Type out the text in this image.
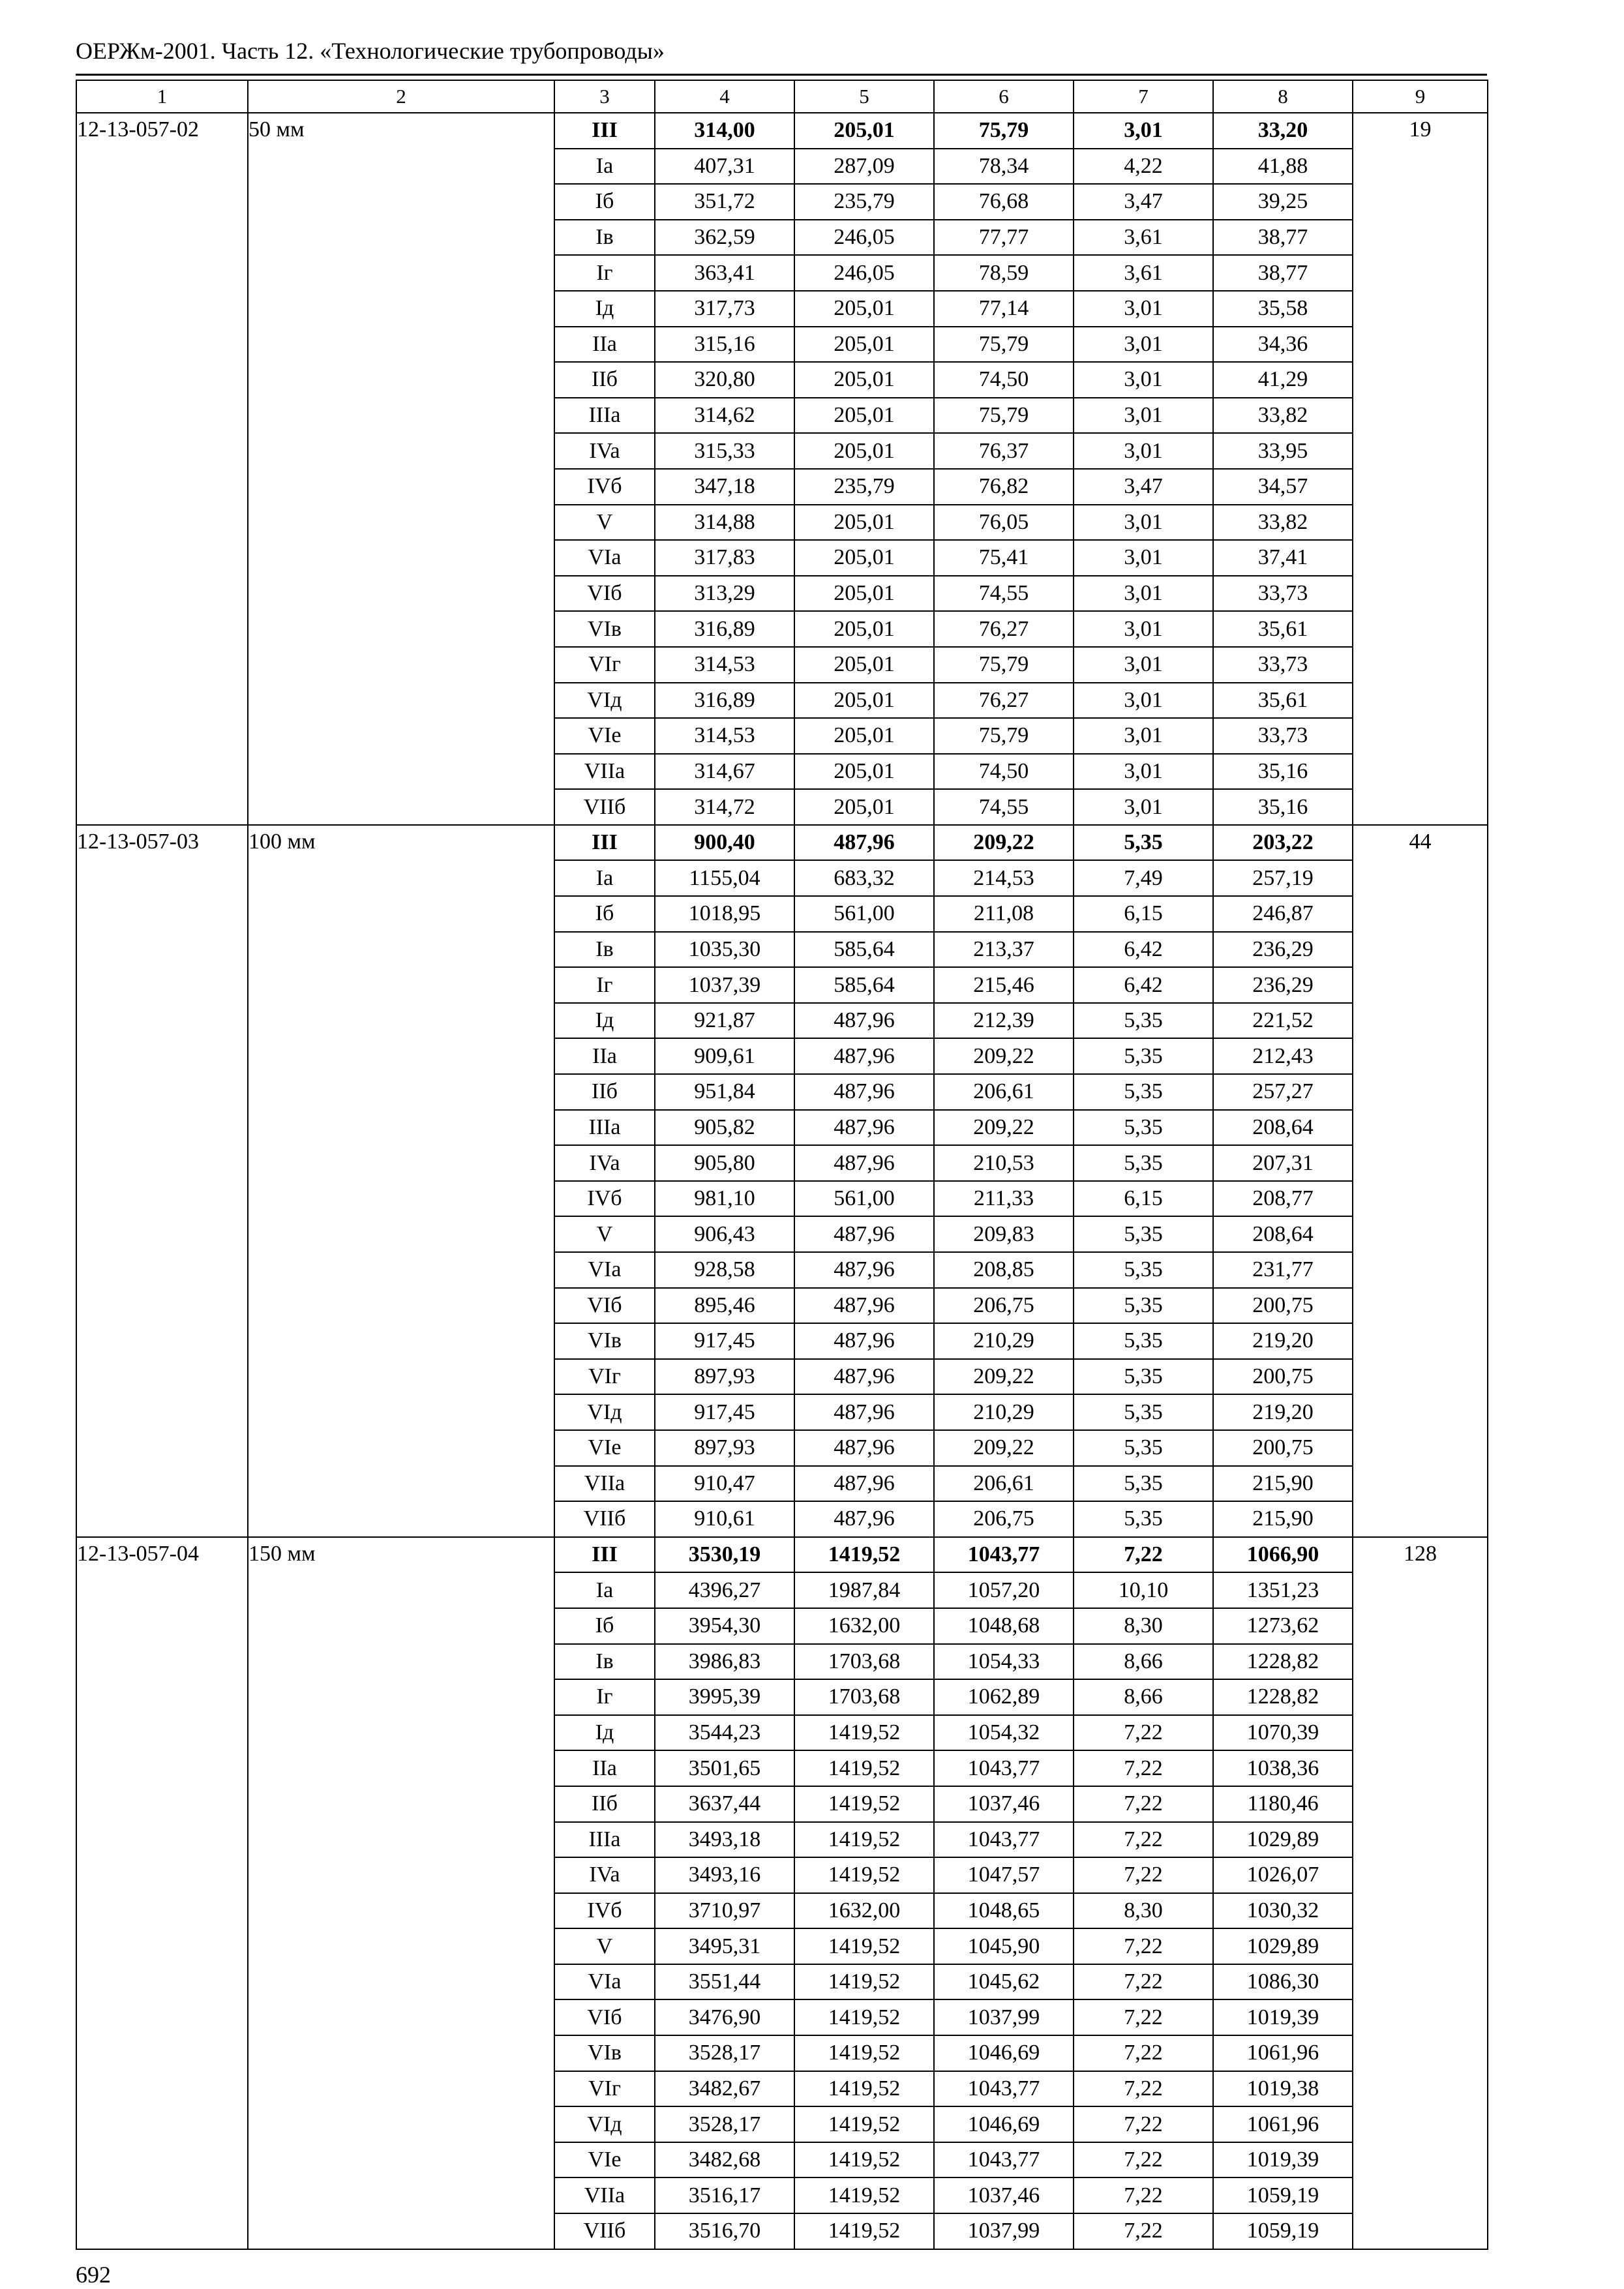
ОЕРЖм-2001. Часть 12. «Технологические трубопроводы»
1	2	3	4	5	6	7	8	9
12-13-057-02	50 мм	III	314,00	205,01	75,79	3,01	33,20	19
		Ia	407,31	287,09	78,34	4,22	41,88	
		Iб	351,72	235,79	76,68	3,47	39,25	
		Iв	362,59	246,05	77,77	3,61	38,77	
		Iг	363,41	246,05	78,59	3,61	38,77	
		Iд	317,73	205,01	77,14	3,01	35,58	
		IIa	315,16	205,01	75,79	3,01	34,36	
		IIб	320,80	205,01	74,50	3,01	41,29	
		IIIa	314,62	205,01	75,79	3,01	33,82	
		IVa	315,33	205,01	76,37	3,01	33,95	
		IVб	347,18	235,79	76,82	3,47	34,57	
		V	314,88	205,01	76,05	3,01	33,82	
		VIa	317,83	205,01	75,41	3,01	37,41	
		VIб	313,29	205,01	74,55	3,01	33,73	
		VIв	316,89	205,01	76,27	3,01	35,61	
		VIг	314,53	205,01	75,79	3,01	33,73	
		VIд	316,89	205,01	76,27	3,01	35,61	
		VIe	314,53	205,01	75,79	3,01	33,73	
		VIIa	314,67	205,01	74,50	3,01	35,16	
		VIIб	314,72	205,01	74,55	3,01	35,16	
12-13-057-03	100 мм	III	900,40	487,96	209,22	5,35	203,22	44
		Ia	1155,04	683,32	214,53	7,49	257,19	
		Iб	1018,95	561,00	211,08	6,15	246,87	
		Iв	1035,30	585,64	213,37	6,42	236,29	
		Iг	1037,39	585,64	215,46	6,42	236,29	
		Iд	921,87	487,96	212,39	5,35	221,52	
		IIa	909,61	487,96	209,22	5,35	212,43	
		IIб	951,84	487,96	206,61	5,35	257,27	
		IIIa	905,82	487,96	209,22	5,35	208,64	
		IVa	905,80	487,96	210,53	5,35	207,31	
		IVб	981,10	561,00	211,33	6,15	208,77	
		V	906,43	487,96	209,83	5,35	208,64	
		VIa	928,58	487,96	208,85	5,35	231,77	
		VIб	895,46	487,96	206,75	5,35	200,75	
		VIв	917,45	487,96	210,29	5,35	219,20	
		VIг	897,93	487,96	209,22	5,35	200,75	
		VIд	917,45	487,96	210,29	5,35	219,20	
		VIe	897,93	487,96	209,22	5,35	200,75	
		VIIa	910,47	487,96	206,61	5,35	215,90	
		VIIб	910,61	487,96	206,75	5,35	215,90	
12-13-057-04	150 мм	III	3530,19	1419,52	1043,77	7,22	1066,90	128
		Ia	4396,27	1987,84	1057,20	10,10	1351,23	
		Iб	3954,30	1632,00	1048,68	8,30	1273,62	
		Iв	3986,83	1703,68	1054,33	8,66	1228,82	
		Iг	3995,39	1703,68	1062,89	8,66	1228,82	
		Iд	3544,23	1419,52	1054,32	7,22	1070,39	
		IIa	3501,65	1419,52	1043,77	7,22	1038,36	
		IIб	3637,44	1419,52	1037,46	7,22	1180,46	
		IIIa	3493,18	1419,52	1043,77	7,22	1029,89	
		IVa	3493,16	1419,52	1047,57	7,22	1026,07	
		IVб	3710,97	1632,00	1048,65	8,30	1030,32	
		V	3495,31	1419,52	1045,90	7,22	1029,89	
		VIa	3551,44	1419,52	1045,62	7,22	1086,30	
		VIб	3476,90	1419,52	1037,99	7,22	1019,39	
		VIв	3528,17	1419,52	1046,69	7,22	1061,96	
		VIг	3482,67	1419,52	1043,77	7,22	1019,38	
		VIд	3528,17	1419,52	1046,69	7,22	1061,96	
		VIe	3482,68	1419,52	1043,77	7,22	1019,39	
		VIIa	3516,17	1419,52	1037,46	7,22	1059,19	
		VIIб	3516,70	1419,52	1037,99	7,22	1059,19	
692
